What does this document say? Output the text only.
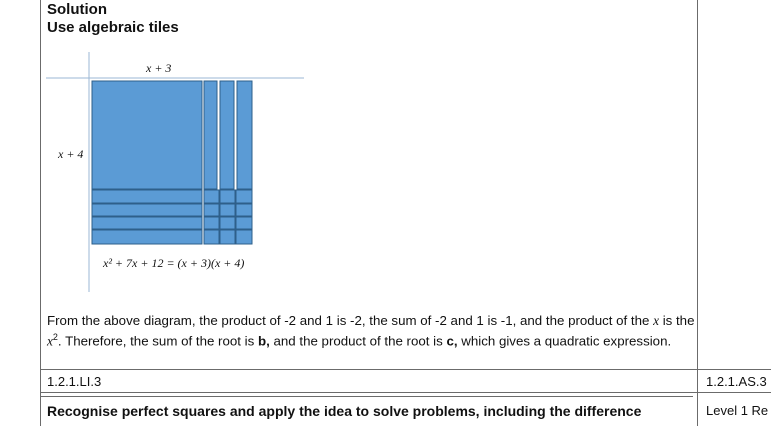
Solution
Use algebraic tiles
x + 3
x + 4
x² + 7x + 12 = (x + 3)(x + 4)
From the above diagram, the product of -2 and 1 is -2, the sum of -2 and 1 is -1, and the product of the x is the $x^2$. Therefore, the sum of the root is b, and the product of the root is c, which gives a quadratic expression.
1.2.1.LI.3	1.2.1.AS.3
Recognise perfect squares and apply the idea to solve problems, including the difference	Level 1 Re
